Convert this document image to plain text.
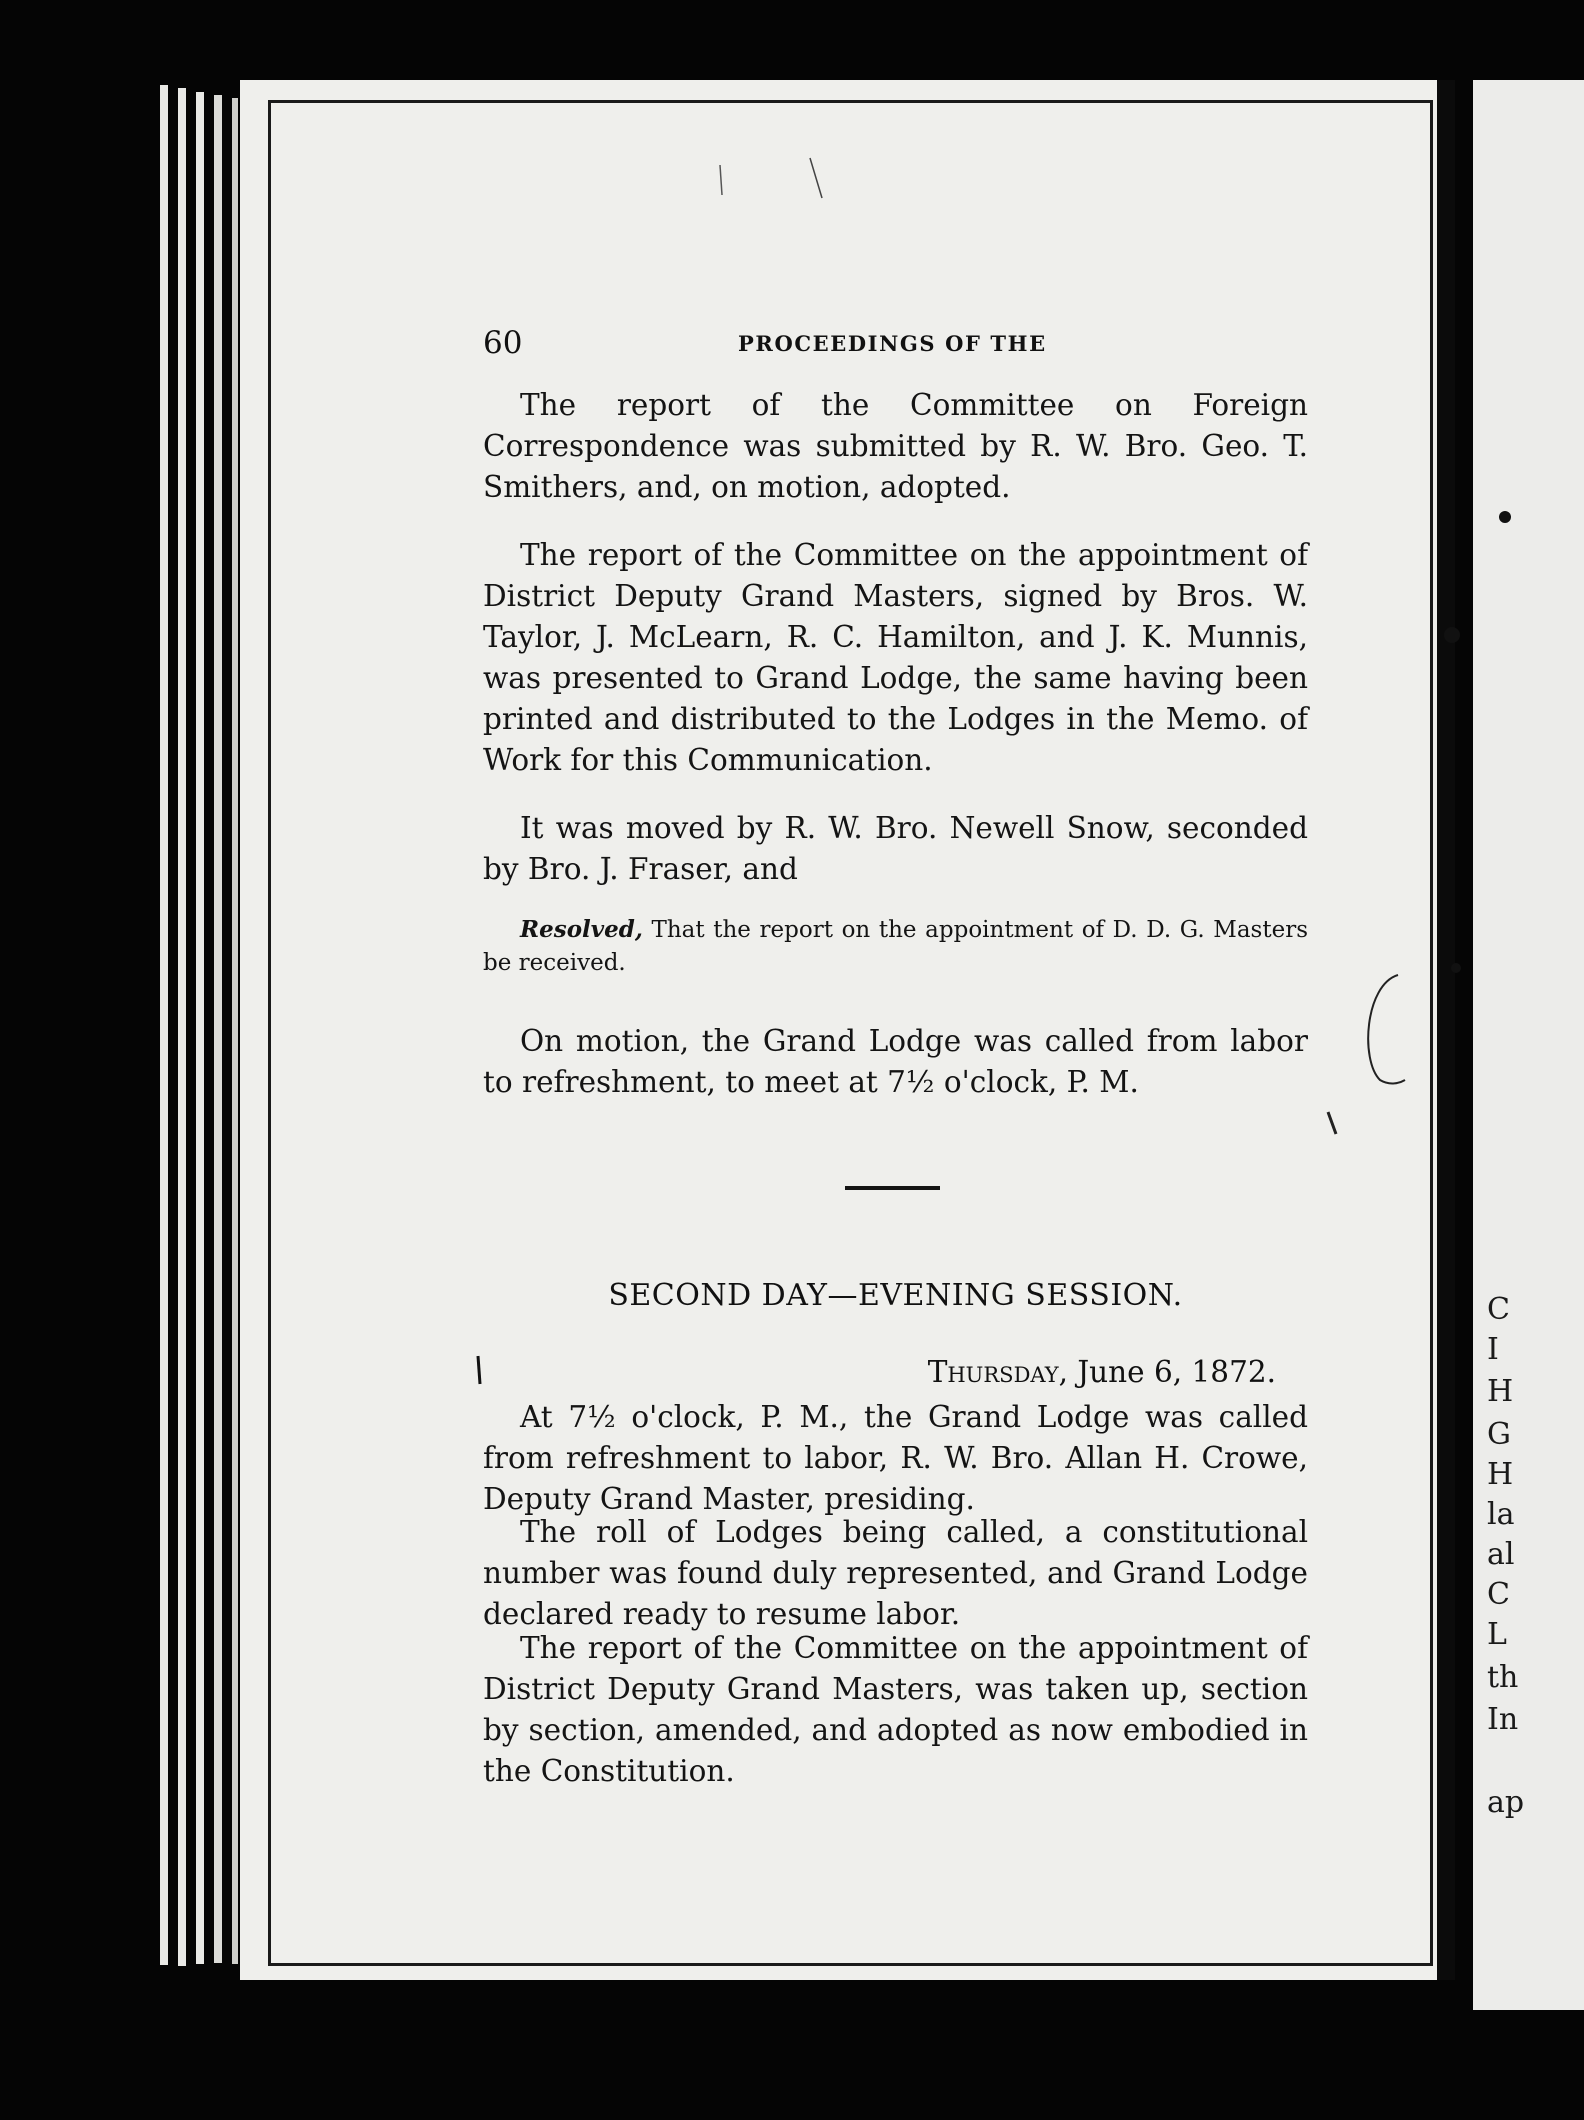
C
I
H
G
H
la
al
C
L
th
In
ap
60	PROCEEDINGS OF THE

The report of the Committee on Foreign Correspondence was submitted by R. W. Bro. Geo. T. Smithers, and, on motion, adopted.

The report of the Committee on the appointment of District Deputy Grand Masters, signed by Bros. W. Taylor, J. McLearn, R. C. Hamilton, and J. K. Munnis, was presented to Grand Lodge, the same having been printed and distributed to the Lodges in the Memo. of Work for this Communication.

It was moved by R. W. Bro. Newell Snow, seconded by Bro. J. Fraser, and

Resolved, That the report on the appointment of D. D. G. Masters be received.

On motion, the Grand Lodge was called from labor to refreshment, to meet at 7½ o'clock, P. M.

SECOND DAY—EVENING SESSION.
Thursday, June 6, 1872.

At 7½ o'clock, P. M., the Grand Lodge was called from refreshment to labor, R. W. Bro. Allan H. Crowe, Deputy Grand Master, presiding.

The roll of Lodges being called, a constitutional number was found duly represented, and Grand Lodge declared ready to resume labor.

The report of the Committee on the appointment of District Deputy Grand Masters, was taken up, section by section, amended, and adopted as now embodied in the Constitution.
